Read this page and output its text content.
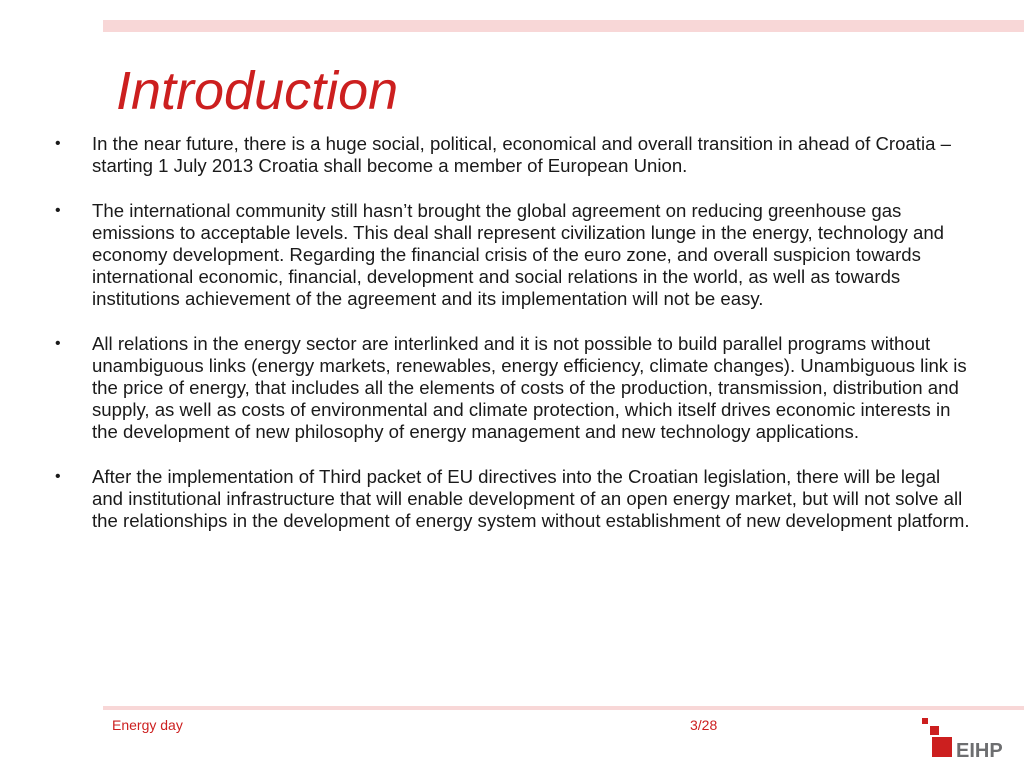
Introduction
• In the near future, there is a huge social, political, economical and overall transition in ahead of Croatia – starting 1 July 2013 Croatia shall become a member of European Union.
• The international community still hasn’t brought the global agreement on reducing greenhouse gas emissions to acceptable levels. This deal shall represent civilization lunge in the energy, technology and economy development. Regarding the financial crisis of the euro zone, and overall suspicion towards international economic, financial, development and social relations in the world, as well as towards institutions achievement of the agreement and its implementation will not be easy.
• All relations in the energy sector are interlinked and it is not possible to build parallel programs without unambiguous links (energy markets, renewables, energy efficiency, climate changes). Unambiguous link is the price of energy, that includes all the elements of costs of the production, transmission, distribution and supply, as well as costs of environmental and climate protection, which itself drives economic interests in the development of new philosophy of energy management and new technology applications.
• After the implementation of Third packet of EU directives into the Croatian legislation, there will be legal and institutional infrastructure that will enable development of an open energy market, but will not solve all the relationships in the development of energy system without establishment of new development platform.
Energy day	3/28
EIHP
